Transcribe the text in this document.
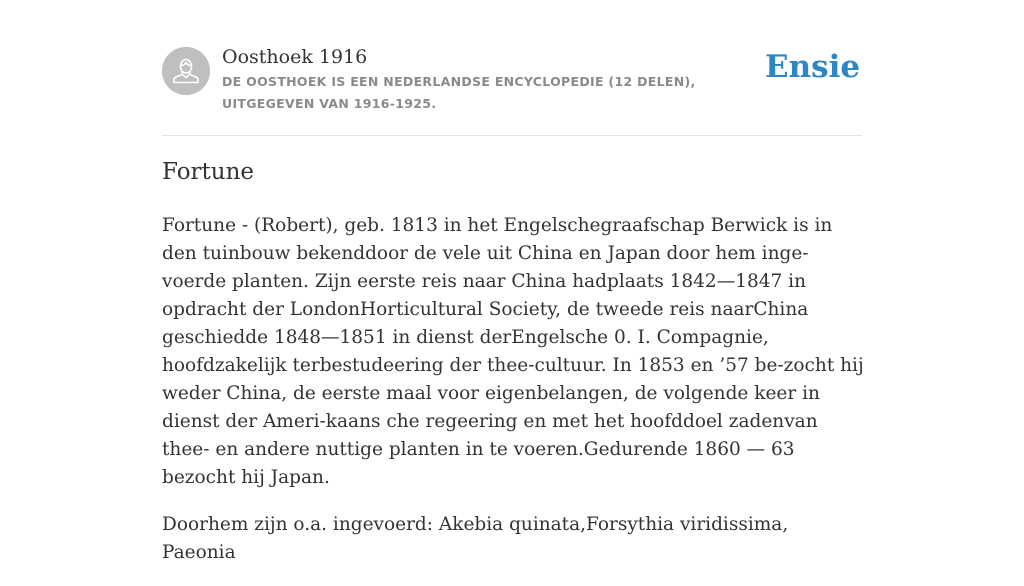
Oosthoek 1916
DE OOSTHOEK IS EEN NEDERLANDSE ENCYCLOPEDIE (12 DELEN), UITGEGEVEN VAN 1916-1925.
Ensie
Fortune

Fortune - (Robert), geb. 1813 in het Engelschegraafschap Berwick is in den tuinbouw bekenddoor de vele uit China en Japan door hem inge-voerde planten. Zijn eerste reis naar China hadplaats 1842—1847 in opdracht der LondonHorticultural Society, de tweede reis naarChina geschiedde 1848—1851 in dienst derEngelsche 0. I. Compagnie, hoofdzakelijk terbestudeering der thee-cultuur. In 1853 en ’57 be-zocht hij weder China, de eerste maal voor eigenbelangen, de volgende keer in dienst der Ameri-kaans che regeering en met het hoofddoel zadenvan thee- en andere nuttige planten in te voeren.Gedurende 1860 — 63 bezocht hij Japan.

Doorhem zijn o.a. ingevoerd: Akebia quinata,Forsythia viridissima, Paeonia
